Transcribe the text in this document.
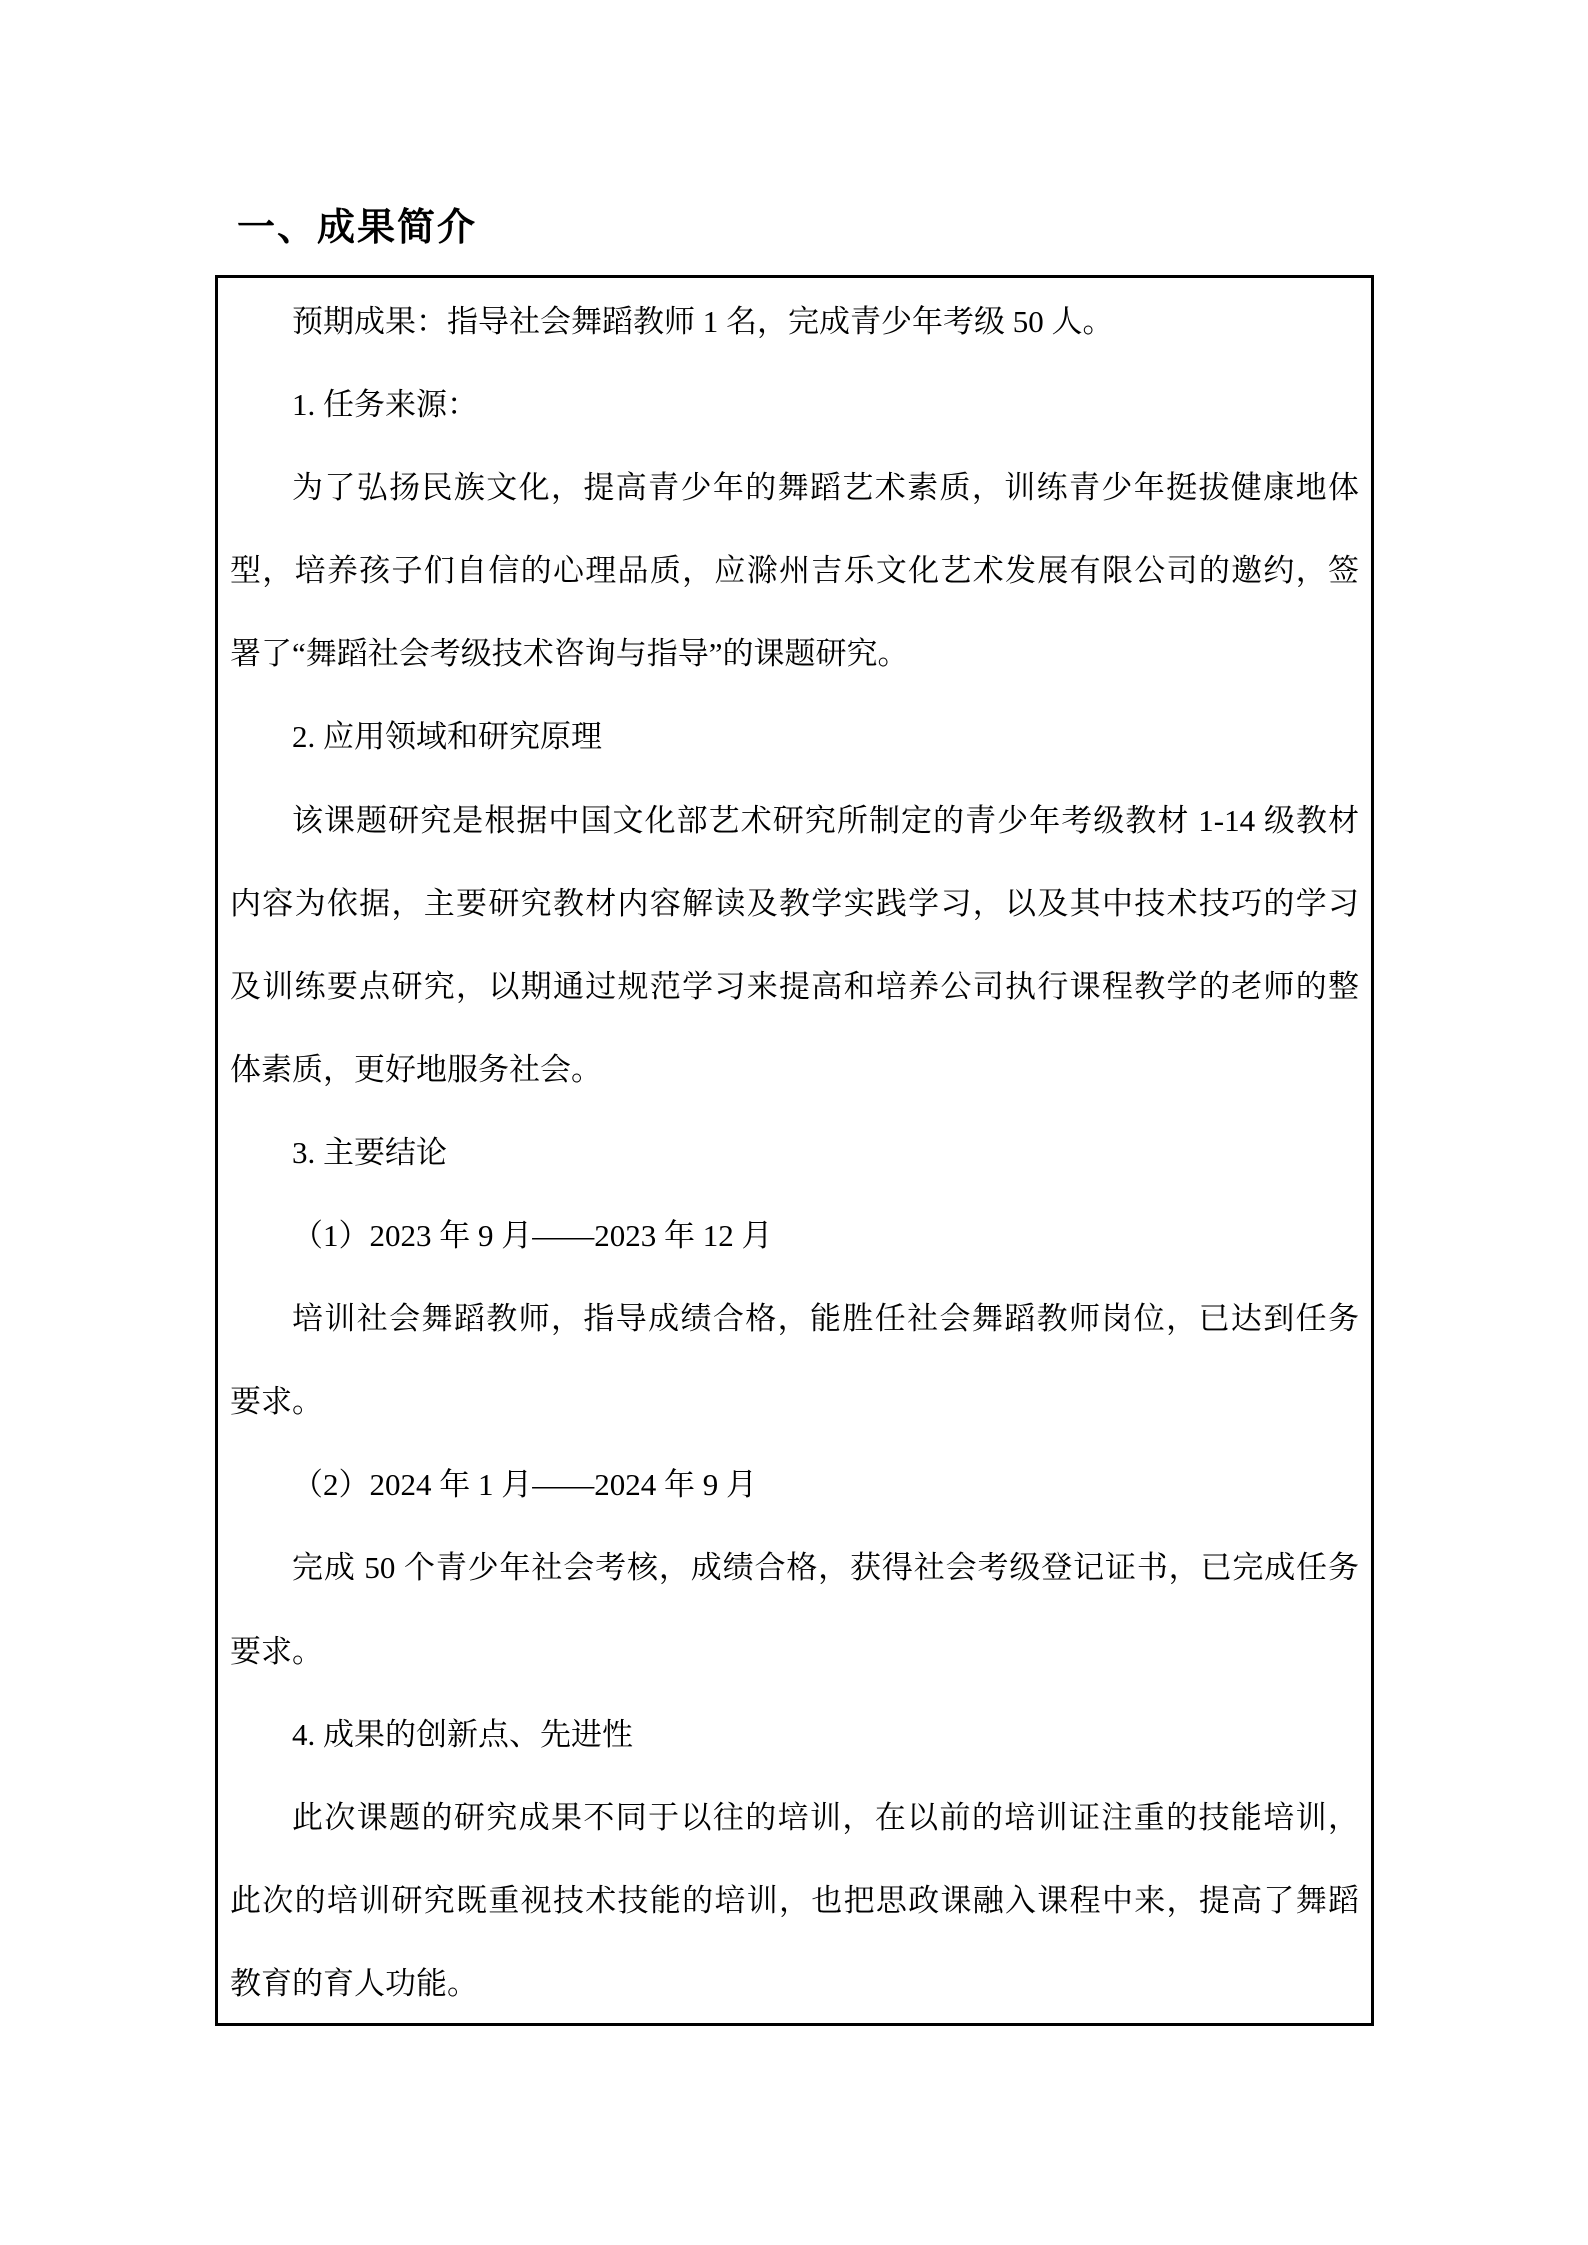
一、成果简介
预期成果：指导社会舞蹈教师 1 名，完成青少年考级 50 人。
1. 任务来源：
为了弘扬民族文化，提高青少年的舞蹈艺术素质，训练青少年挺拔健康地体
型，培养孩子们自信的心理品质，应滁州吉乐文化艺术发展有限公司的邀约，签
署了“舞蹈社会考级技术咨询与指导”的课题研究。
2. 应用领域和研究原理
该课题研究是根据中国文化部艺术研究所制定的青少年考级教材 1-14 级教材
内容为依据，主要研究教材内容解读及教学实践学习，以及其中技术技巧的学习
及训练要点研究，以期通过规范学习来提高和培养公司执行课程教学的老师的整
体素质，更好地服务社会。
3. 主要结论
（1）2023 年 9 月——2023 年 12 月
培训社会舞蹈教师，指导成绩合格，能胜任社会舞蹈教师岗位，已达到任务
要求。
（2）2024 年 1 月——2024 年 9 月
完成 50 个青少年社会考核，成绩合格，获得社会考级登记证书，已完成任务
要求。
4. 成果的创新点、先进性
此次课题的研究成果不同于以往的培训，在以前的培训证注重的技能培训，
此次的培训研究既重视技术技能的培训，也把思政课融入课程中来，提高了舞蹈
教育的育人功能。
